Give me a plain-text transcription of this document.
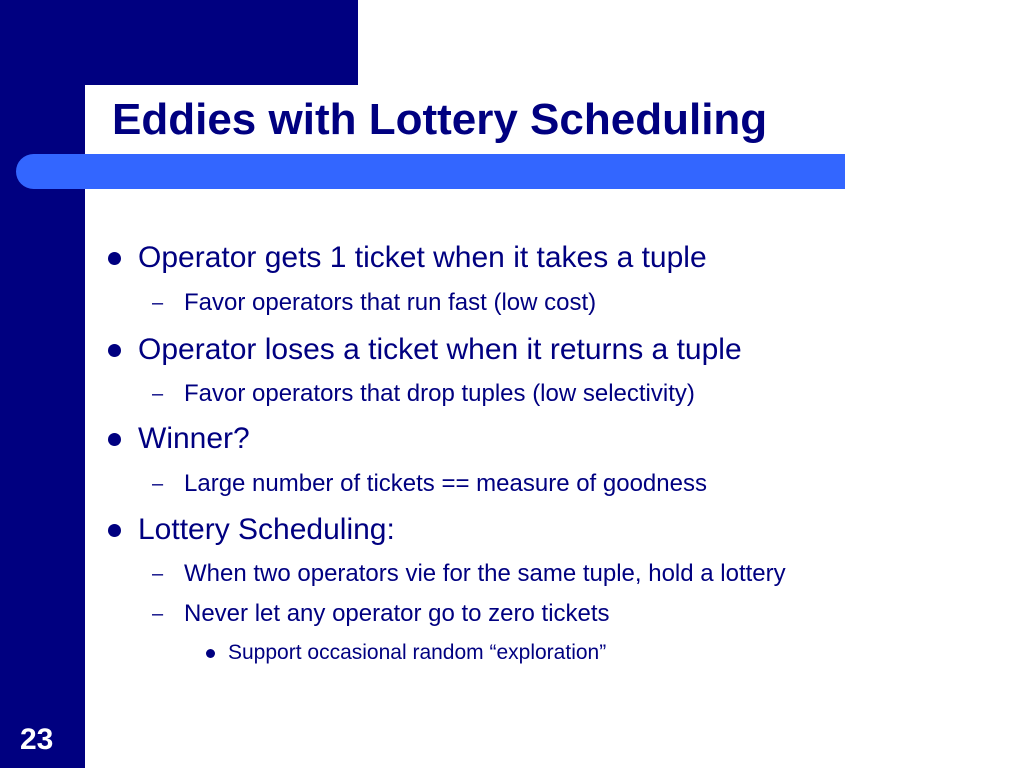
Eddies with Lottery Scheduling
Operator gets 1 ticket when it takes a tuple
– Favor operators that run fast (low cost)
Operator loses a ticket when it returns a tuple
– Favor operators that drop tuples (low selectivity)
Winner?
– Large number of tickets == measure of goodness
Lottery Scheduling:
– When two operators vie for the same tuple, hold a lottery
– Never let any operator go to zero tickets
Support occasional random “exploration”
23
